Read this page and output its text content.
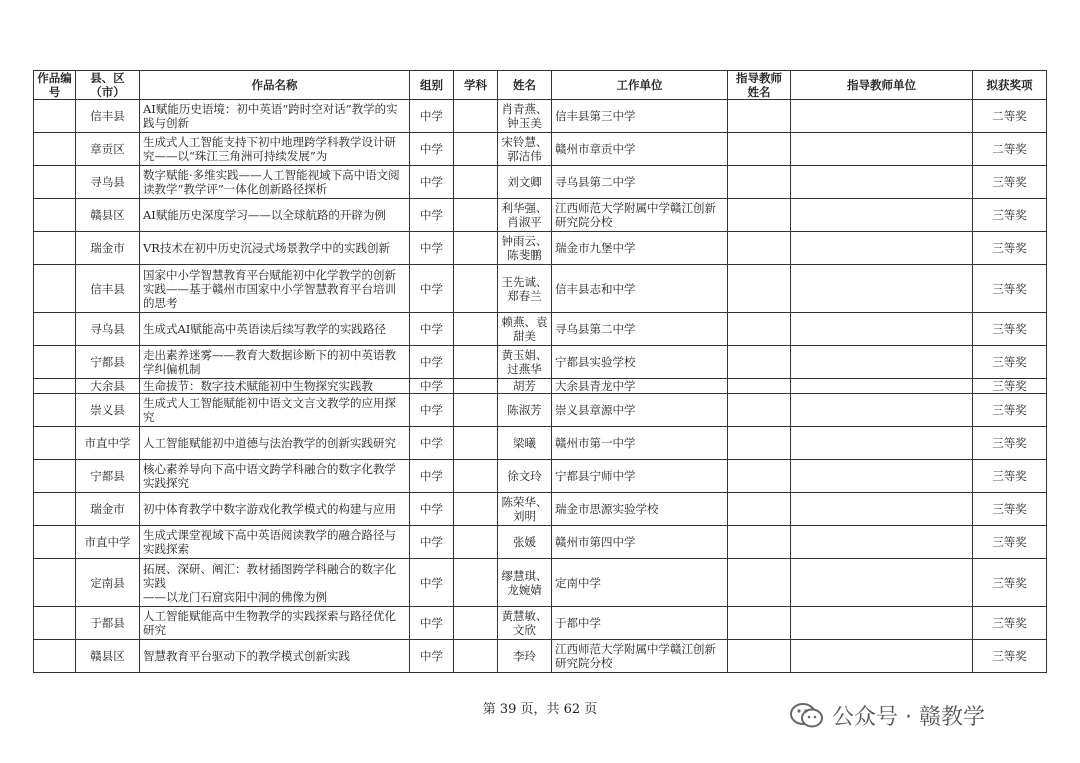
作品编号	县、区（市）	作品名称	组别	学科	姓名	工作单位	指导教师姓名	指导教师单位	拟获奖项
	信丰县	AI赋能历史语境：初中英语“跨时空对话”教学的实践与创新	中学		肖青燕、钟玉美	信丰县第三中学			二等奖
	章贡区	生成式人工智能支持下初中地理跨学科教学设计研究——以“珠江三角洲可持续发展”为	中学		宋铃慧、郭洁伟	赣州市章贡中学			二等奖
	寻乌县	数字赋能·多维实践——人工智能视域下高中语文阅读教学“教学评”一体化创新路径探析	中学		刘文卿	寻乌县第二中学			三等奖
	赣县区	AI赋能历史深度学习——以全球航路的开辟为例	中学		利华强、肖淑平	江西师范大学附属中学赣江创新研究院分校			三等奖
	瑞金市	VR技术在初中历史沉浸式场景教学中的实践创新	中学		钟雨云、陈斐鹏	瑞金市九堡中学			三等奖
	信丰县	国家中小学智慧教育平台赋能初中化学教学的创新实践——基于赣州市国家中小学智慧教育平台培训的思考	中学		王先诚、郑春兰	信丰县志和中学			三等奖
	寻乌县	生成式AI赋能高中英语读后续写教学的实践路径	中学		赖燕、袁甜美	寻乌县第二中学			三等奖
	宁都县	走出素养迷雾——教育大数据诊断下的初中英语教学纠偏机制	中学		黄玉娟、过燕华	宁都县实验学校			三等奖
	大余县	生命拔节：数字技术赋能初中生物探究实践教	中学		胡芳	大余县青龙中学			三等奖
	崇义县	生成式人工智能赋能初中语文文言文教学的应用探究	中学		陈淑芳	崇义县章源中学			三等奖
	市直中学	人工智能赋能初中道德与法治教学的创新实践研究	中学		梁曦	赣州市第一中学			三等奖
	宁都县	核心素养导向下高中语文跨学科融合的数字化教学实践探究	中学		徐文玲	宁都县宁师中学			三等奖
	瑞金市	初中体育教学中数字游戏化教学模式的构建与应用	中学		陈荣华、刘明	瑞金市思源实验学校			三等奖
	市直中学	生成式课堂视域下高中英语阅读教学的融合路径与实践探索	中学		张媛	赣州市第四中学			三等奖
	定南县	拓展、深研、阐汇：教材插图跨学科融合的数字化实践
——以龙门石窟宾阳中洞的佛像为例	中学		缪慧琪、龙婉婧	定南中学			三等奖
	于都县	人工智能赋能高中生物教学的实践探索与路径优化研究	中学		黄慧敏、文欣	于都中学			三等奖
	赣县区	智慧教育平台驱动下的教学模式创新实践	中学		李玲	江西师范大学附属中学赣江创新研究院分校			三等奖
第 39 页，共 62 页	公众号 · 赣教学
